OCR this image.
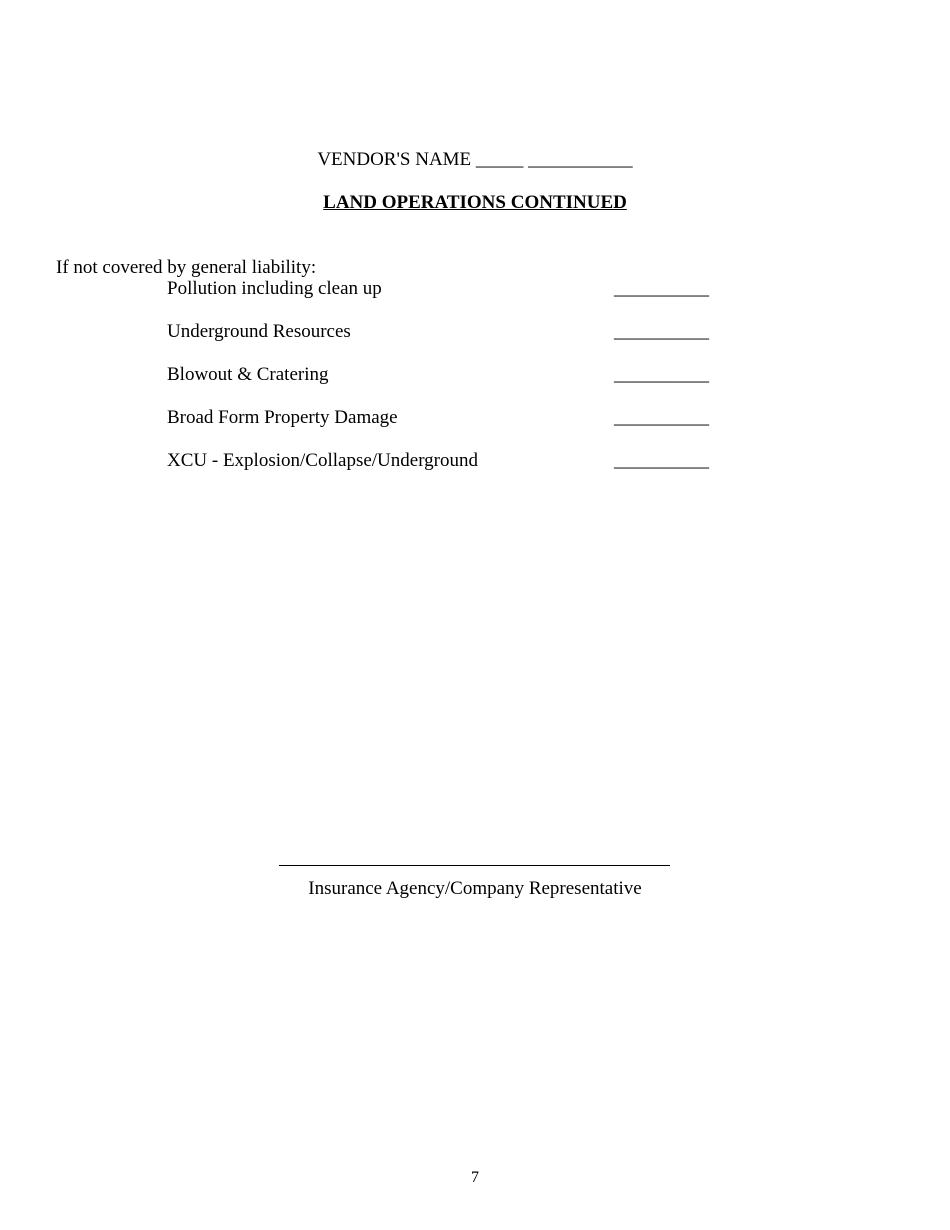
VENDOR'S NAME _____ ___________
LAND OPERATIONS CONTINUED
If not covered by general liability:
Pollution including clean up	__________
Underground Resources	__________
Blowout & Cratering	__________
Broad Form Property Damage	__________
XCU - Explosion/Collapse/Underground	__________
Insurance Agency/Company Representative
7
